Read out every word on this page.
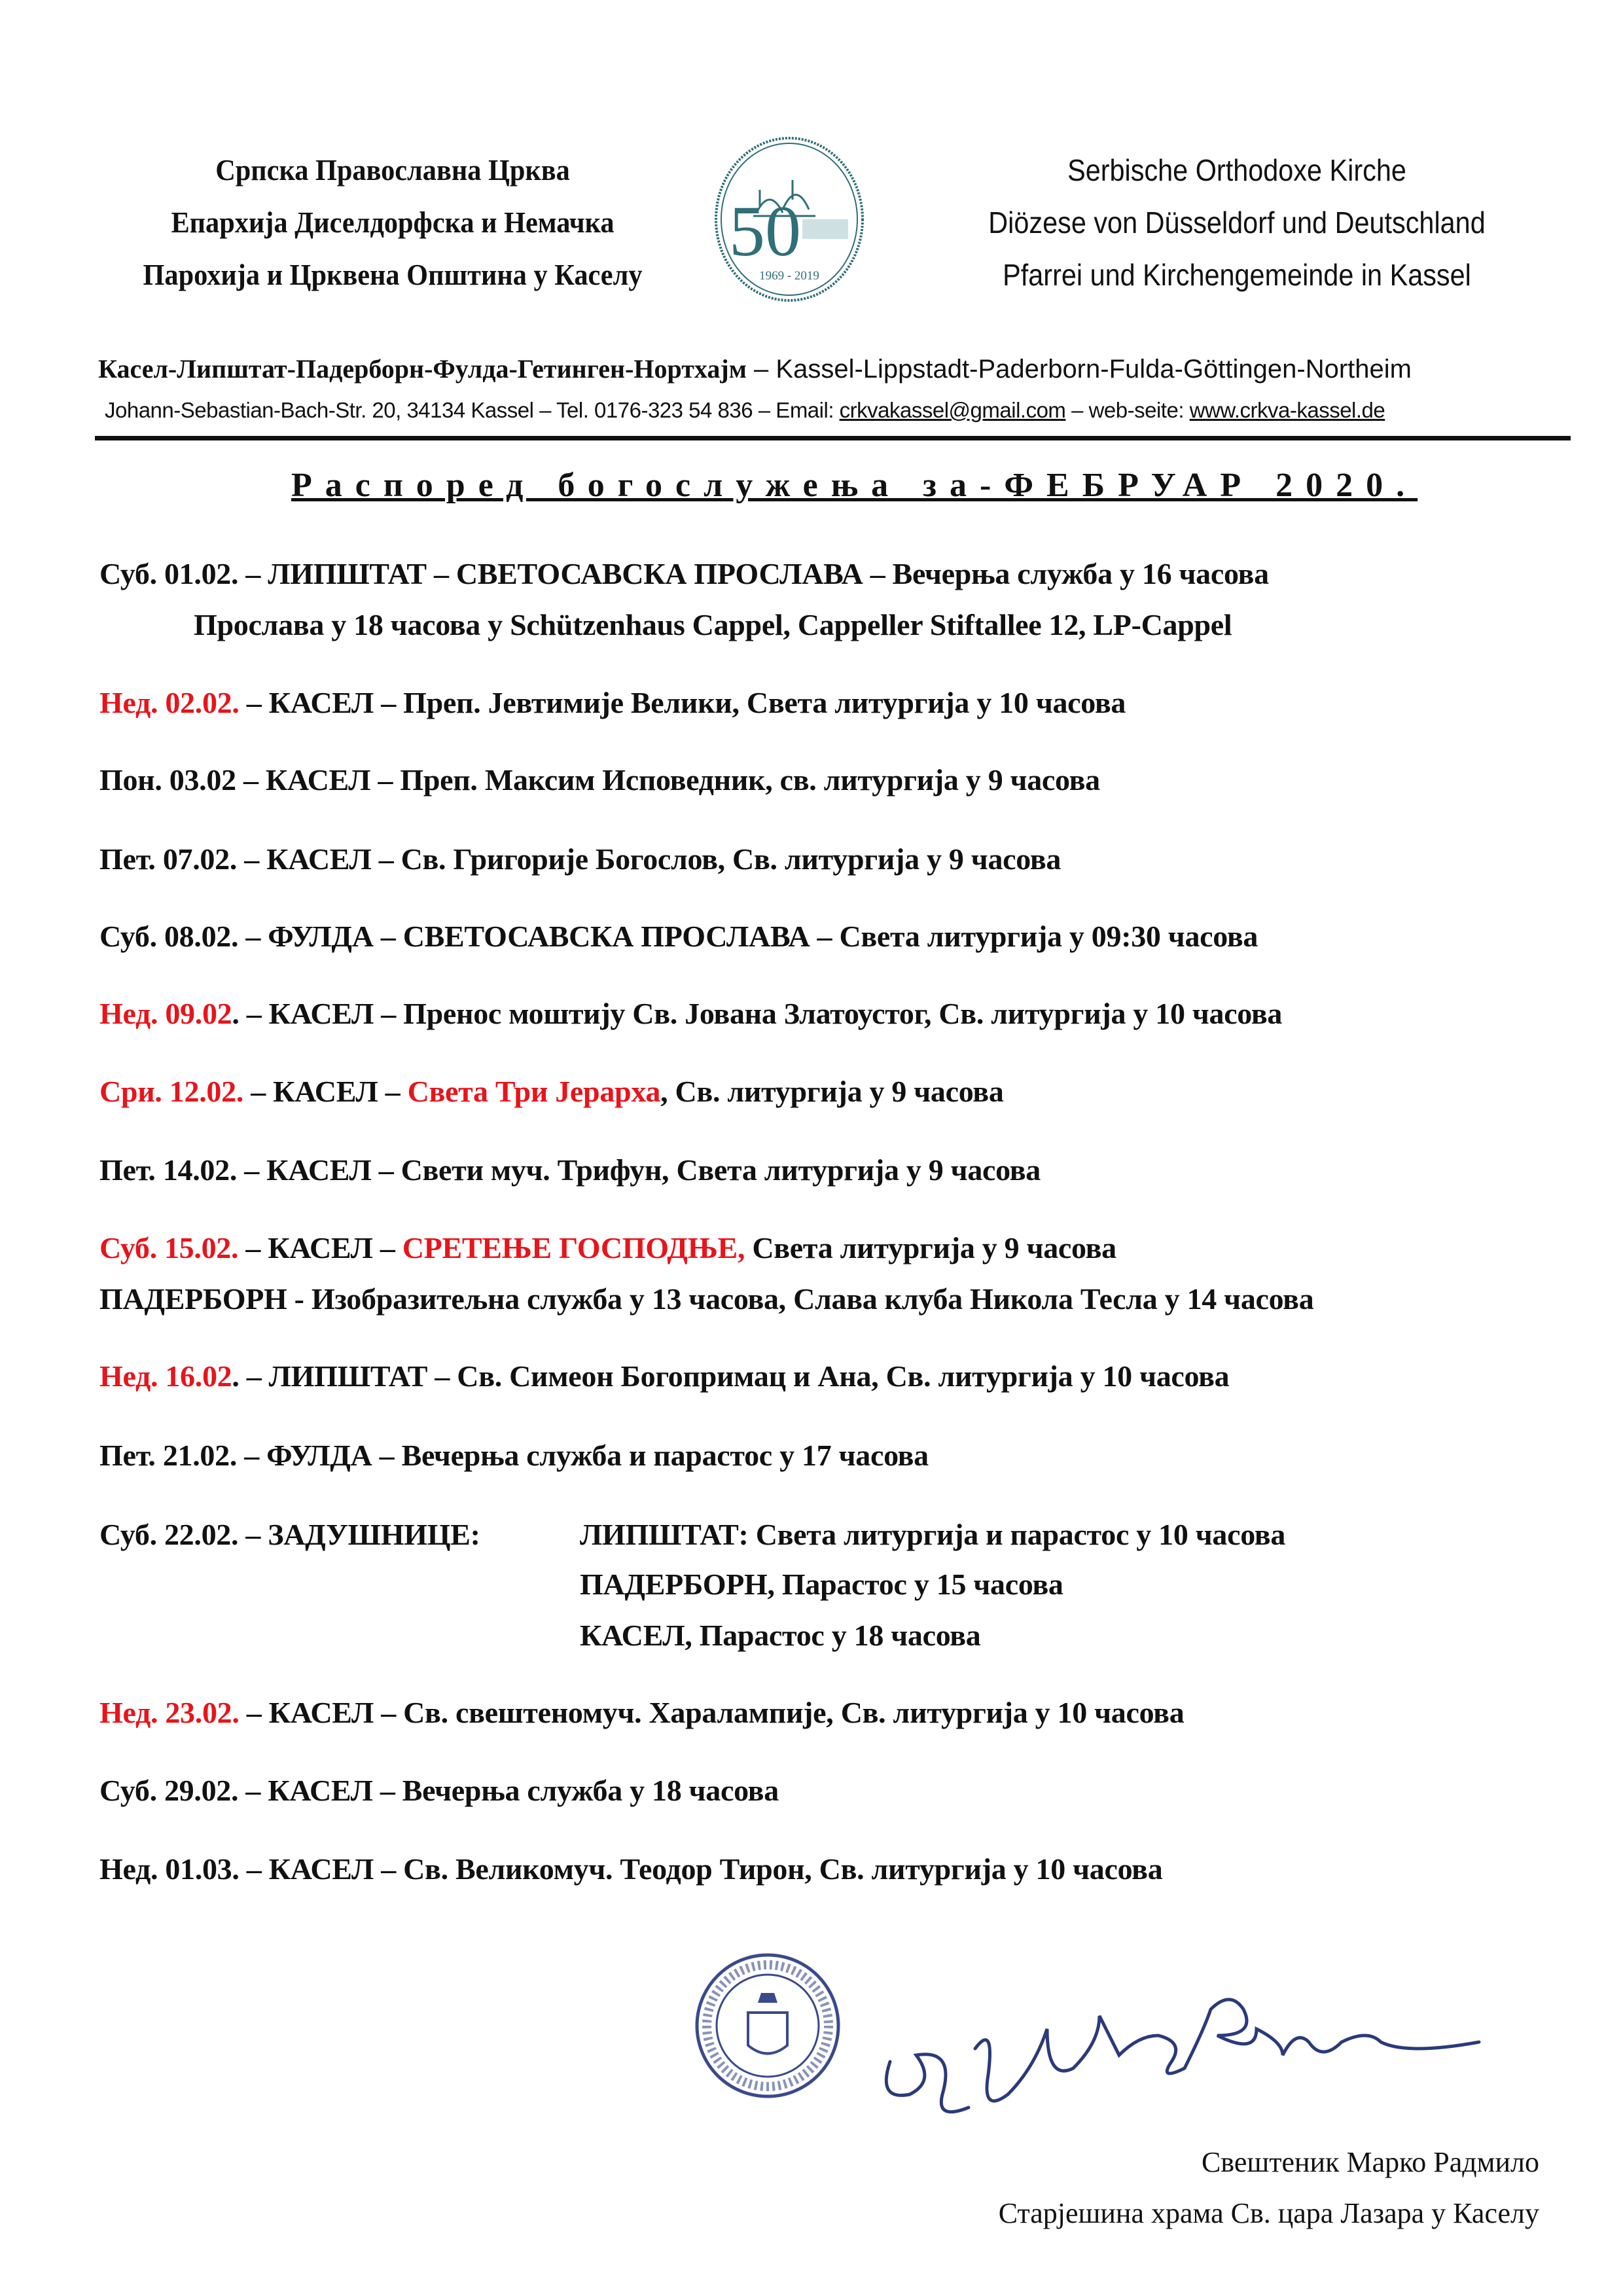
Српска Православна Црква
Епархија Диселдорфска и Немачка
Парохија и Црквена Општина у Каселу
50
1969 - 2019
Serbische Orthodoxe Kirche
Diözese von Düsseldorf und Deutschland
Pfarrei und Kirchengemeinde in Kassel
Касел-Липштат-Падерборн-Фулда-Гетинген-Нортхајм – Kassel-Lippstadt-Paderborn-Fulda-Göttingen-Northeim
Johann-Sebastian-Bach-Str. 20, 34134 Kassel – Tel. 0176-323 54 836 – Email: crkvakassel@gmail.com – web-seite: www.crkva-kassel.de
Распоред богослужења за-ФЕБРУАР 2020.
Суб. 01.02. – ЛИПШТАТ – СВЕТОСАВСКА ПРОСЛАВА – Вечерња служба у 16 часова
Прослава у 18 часова у Schützenhaus Cappel, Cappeller Stiftallee 12, LP-Cappel
Нед. 02.02. – КАСЕЛ – Преп. Јевтимије Велики, Света литургија у 10 часова
Пон. 03.02 – КАСЕЛ – Преп. Максим Исповедник, св. литургија у 9 часова
Пет. 07.02. – КАСЕЛ – Св. Григорије Богослов, Св. литургија у 9 часова
Суб. 08.02. – ФУЛДА – СВЕТОСАВСКА ПРОСЛАВА – Света литургија у 09:30 часова
Нед. 09.02. – КАСЕЛ – Пренос моштију Св. Јована Златоустог, Св. литургија у 10 часова
Сри. 12.02. – КАСЕЛ – Света Три Јерарха, Св. литургија у 9 часова
Пет. 14.02. – КАСЕЛ – Свети муч. Трифун, Света литургија у 9 часова
Суб. 15.02. – КАСЕЛ – СРЕТЕЊЕ ГОСПОДЊЕ, Света литургија у 9 часова
ПАДЕРБОРН - Изобразитељна служба у 13 часова, Слава клуба Никола Тесла у 14 часова
Нед. 16.02. – ЛИПШТАТ – Св. Симеон Богопримац и Ана, Св. литургија у 10 часова
Пет. 21.02. – ФУЛДА – Вечерња служба и парастос у 17 часова
Суб. 22.02. – ЗАДУШНИЦЕ:	ЛИПШТАТ: Света литургија и парастос у 10 часова
ПАДЕРБОРН, Парастос у 15 часова
КАСЕЛ, Парастос у 18 часова
Нед. 23.02. – КАСЕЛ – Св. свештеномуч. Харалампије, Св. литургија у 10 часова
Суб. 29.02. – КАСЕЛ – Вечерња служба у 18 часова
Нед. 01.03. – КАСЕЛ – Св. Великомуч. Теодор Тирон, Св. литургија у 10 часова
Свештеник Марко Радмило
Старјешина храма Св. цара Лазара у Каселу
